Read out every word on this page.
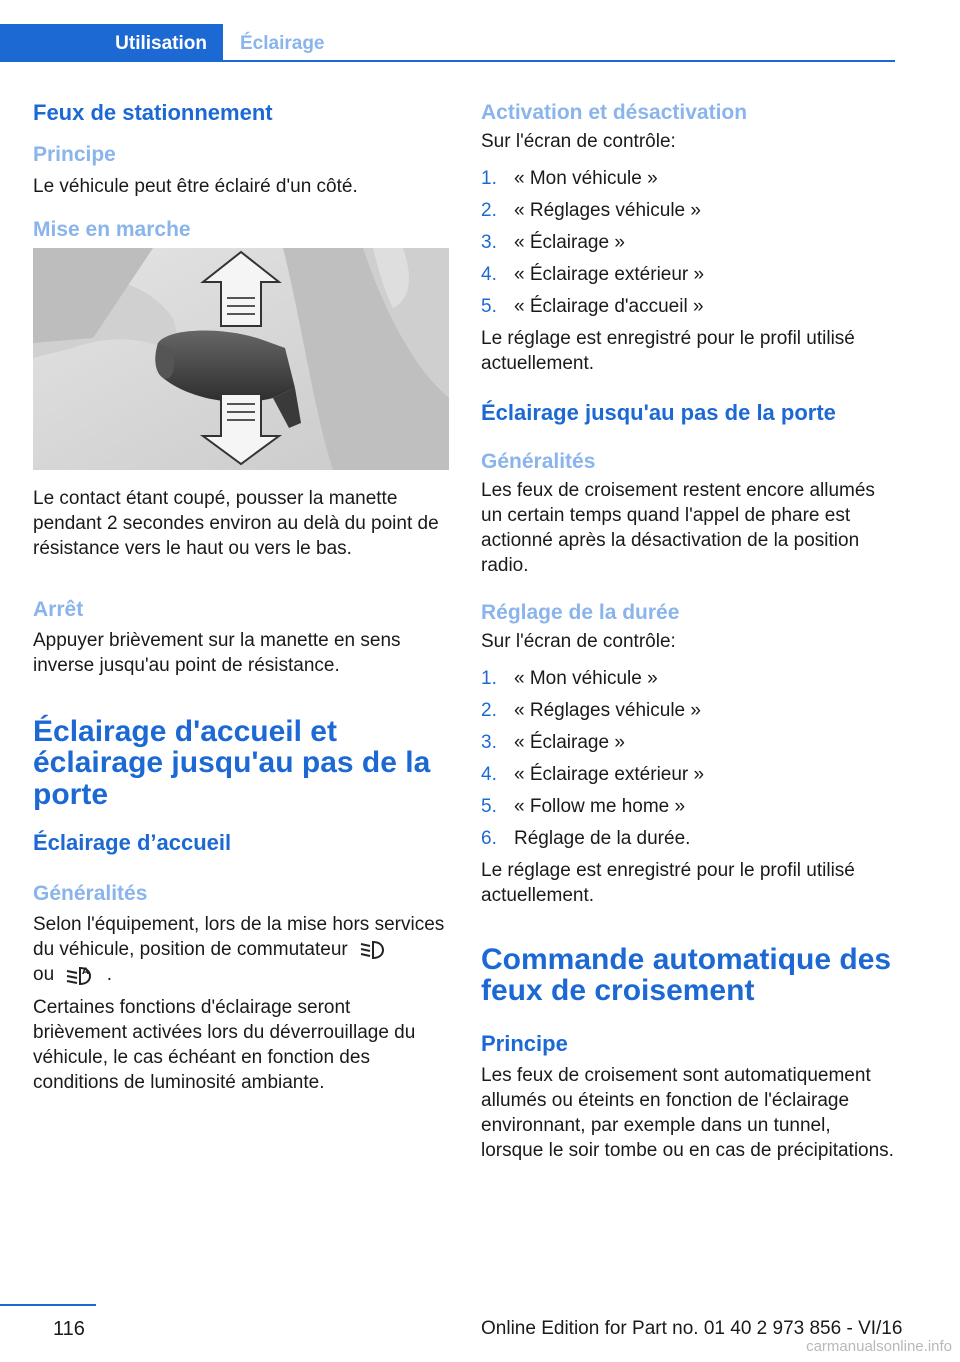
Utilisation Éclairage
Feux de stationnement
Principe
Le véhicule peut être éclairé d'un côté.
Mise en marche
Le contact étant coupé, pousser la manette pendant 2 secondes environ au delà du point de résistance vers le haut ou vers le bas.
Arrêt
Appuyer brièvement sur la manette en sens inverse jusqu'au point de résistance.
Éclairage d'accueil et éclairage jusqu'au pas de la porte
Éclairage d’accueil
Généralités
Selon l'équipement, lors de la mise hors services du véhicule, position de commutateur
ou	A .
Certaines fonctions d'éclairage seront brièvement activées lors du déverrouillage du véhicule, le cas échéant en fonction des conditions de luminosité ambiante.
Activation et désactivation
Sur l'écran de contrôle:
1. « Mon véhicule »
2. « Réglages véhicule »
3. « Éclairage »
4. « Éclairage extérieur »
5. « Éclairage d'accueil »
Le réglage est enregistré pour le profil utilisé actuellement.
Éclairage jusqu'au pas de la porte
Généralités
Les feux de croisement restent encore allumés un certain temps quand l'appel de phare est actionné après la désactivation de la position radio.
Réglage de la durée
Sur l'écran de contrôle:
1. « Mon véhicule »
2. « Réglages véhicule »
3. « Éclairage »
4. « Éclairage extérieur »
5. « Follow me home »
6. Réglage de la durée.
Le réglage est enregistré pour le profil utilisé actuellement.
Commande automatique des feux de croisement
Principe
Les feux de croisement sont automatiquement allumés ou éteints en fonction de l'éclairage environnant, par exemple dans un tunnel, lorsque le soir tombe ou en cas de précipitations.
116	Online Edition for Part no. 01 40 2 973 856 - VI/16
carmanualsonline.info
